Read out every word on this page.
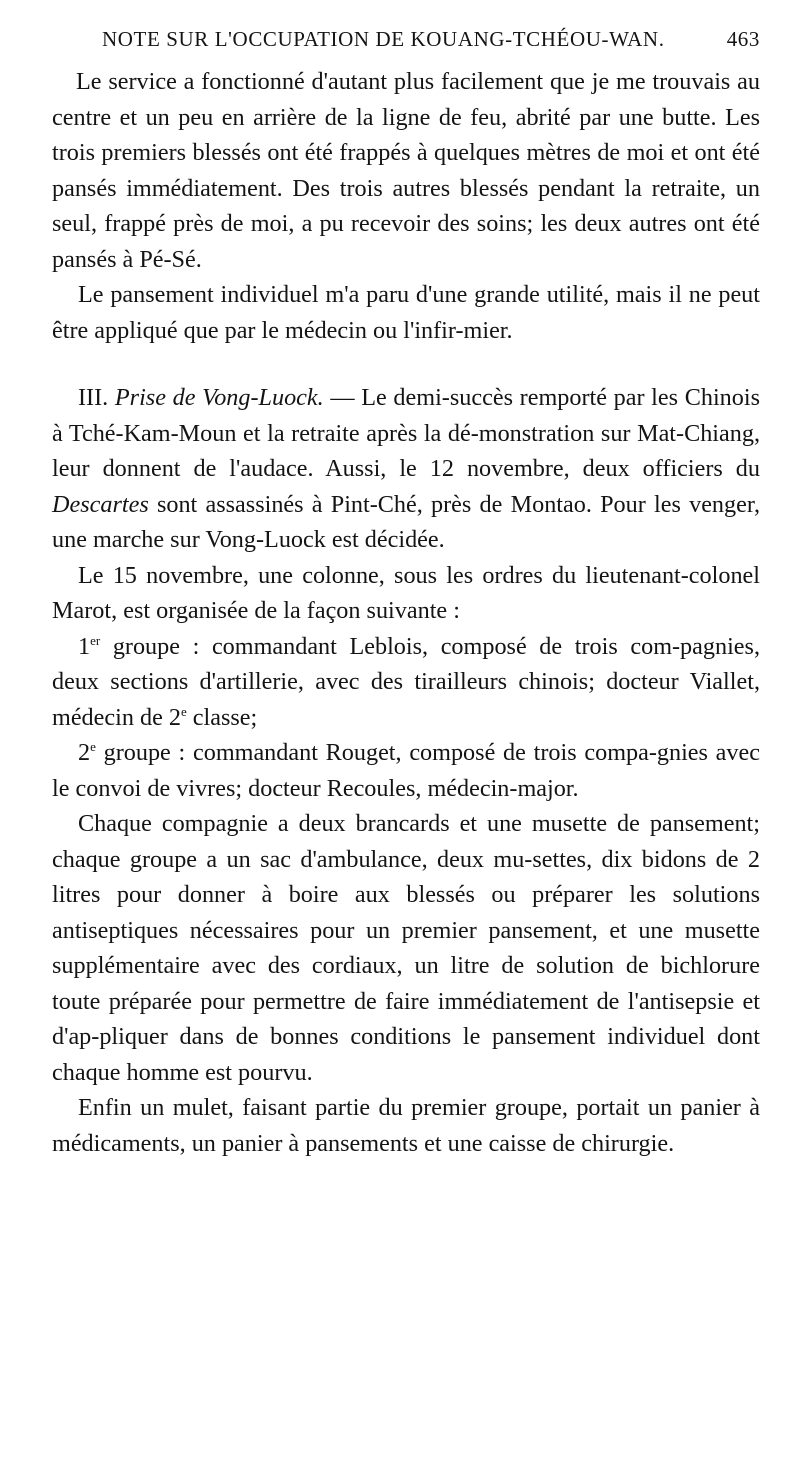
NOTE SUR L'OCCUPATION DE KOUANG-TCHÉOU-WAN.	463

Le service a fonctionné d'autant plus facilement que je me trouvais au centre et un peu en arrière de la ligne de feu, abrité par une butte. Les trois premiers blessés ont été frappés à quelques mètres de moi et ont été pansés immédiatement. Des trois autres blessés pendant la retraite, un seul, frappé près de moi, a pu recevoir des soins; les deux autres ont été pansés à Pé-Sé.

Le pansement individuel m'a paru d'une grande utilité, mais il ne peut être appliqué que par le médecin ou l'infir-mier.

III. Prise de Vong-Luock. — Le demi-succès remporté par les Chinois à Tché-Kam-Moun et la retraite après la dé-monstration sur Mat-Chiang, leur donnent de l'audace. Aussi, le 12 novembre, deux officiers du Descartes sont assassinés à Pint-Ché, près de Montao. Pour les venger, une marche sur Vong-Luock est décidée.

Le 15 novembre, une colonne, sous les ordres du lieutenant-colonel Marot, est organisée de la façon suivante :

1er groupe : commandant Leblois, composé de trois com-pagnies, deux sections d'artillerie, avec des tirailleurs chinois; docteur Viallet, médecin de 2e classe;

2e groupe : commandant Rouget, composé de trois compa-gnies avec le convoi de vivres; docteur Recoules, médecin-major.

Chaque compagnie a deux brancards et une musette de pansement; chaque groupe a un sac d'ambulance, deux mu-settes, dix bidons de 2 litres pour donner à boire aux blessés ou préparer les solutions antiseptiques nécessaires pour un premier pansement, et une musette supplémentaire avec des cordiaux, un litre de solution de bichlorure toute préparée pour permettre de faire immédiatement de l'antisepsie et d'ap-pliquer dans de bonnes conditions le pansement individuel dont chaque homme est pourvu.

Enfin un mulet, faisant partie du premier groupe, portait un panier à médicaments, un panier à pansements et une caisse de chirurgie.
